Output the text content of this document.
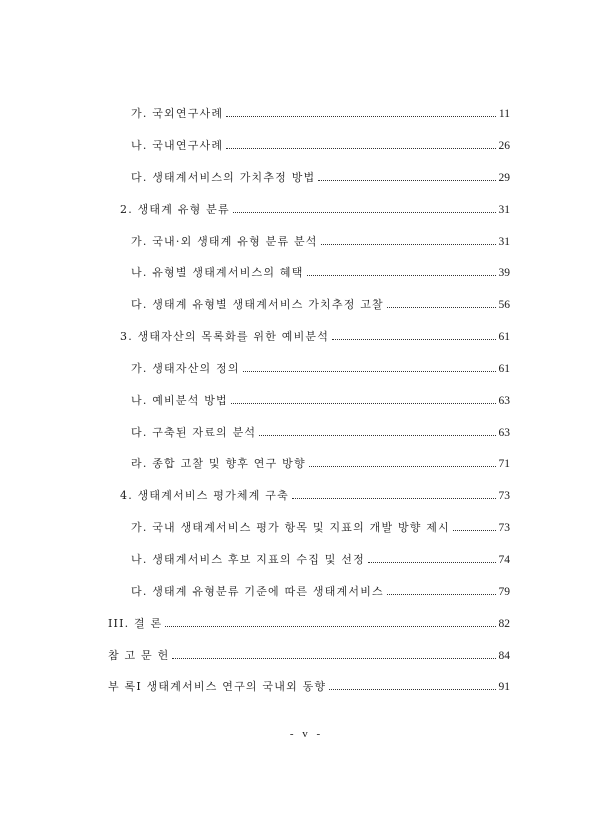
가. 국외연구사례	11
나. 국내연구사례	26
다. 생태계서비스의 가치추정 방법	29
2. 생태계 유형 분류	31
가. 국내·외 생태계 유형 분류 분석	31
나. 유형별 생태계서비스의 혜택	39
다. 생태계 유형별 생태계서비스 가치추정 고찰	56
3. 생태자산의 목록화를 위한 예비분석	61
가. 생태자산의 정의	61
나. 예비분석 방법	63
다. 구축된 자료의 분석	63
라. 종합 고찰 및 향후 연구 방향	71
4. 생태계서비스 평가체계 구축	73
가. 국내 생태계서비스 평가 항목 및 지표의 개발 방향 제시	73
나. 생태계서비스 후보 지표의 수집 및 선정	74
다. 생태계 유형분류 기준에 따른 생태계서비스	79
III. 결 론	82
참 고 문 헌	84
부 록I 생태계서비스 연구의 국내외 동향	91
- v -
